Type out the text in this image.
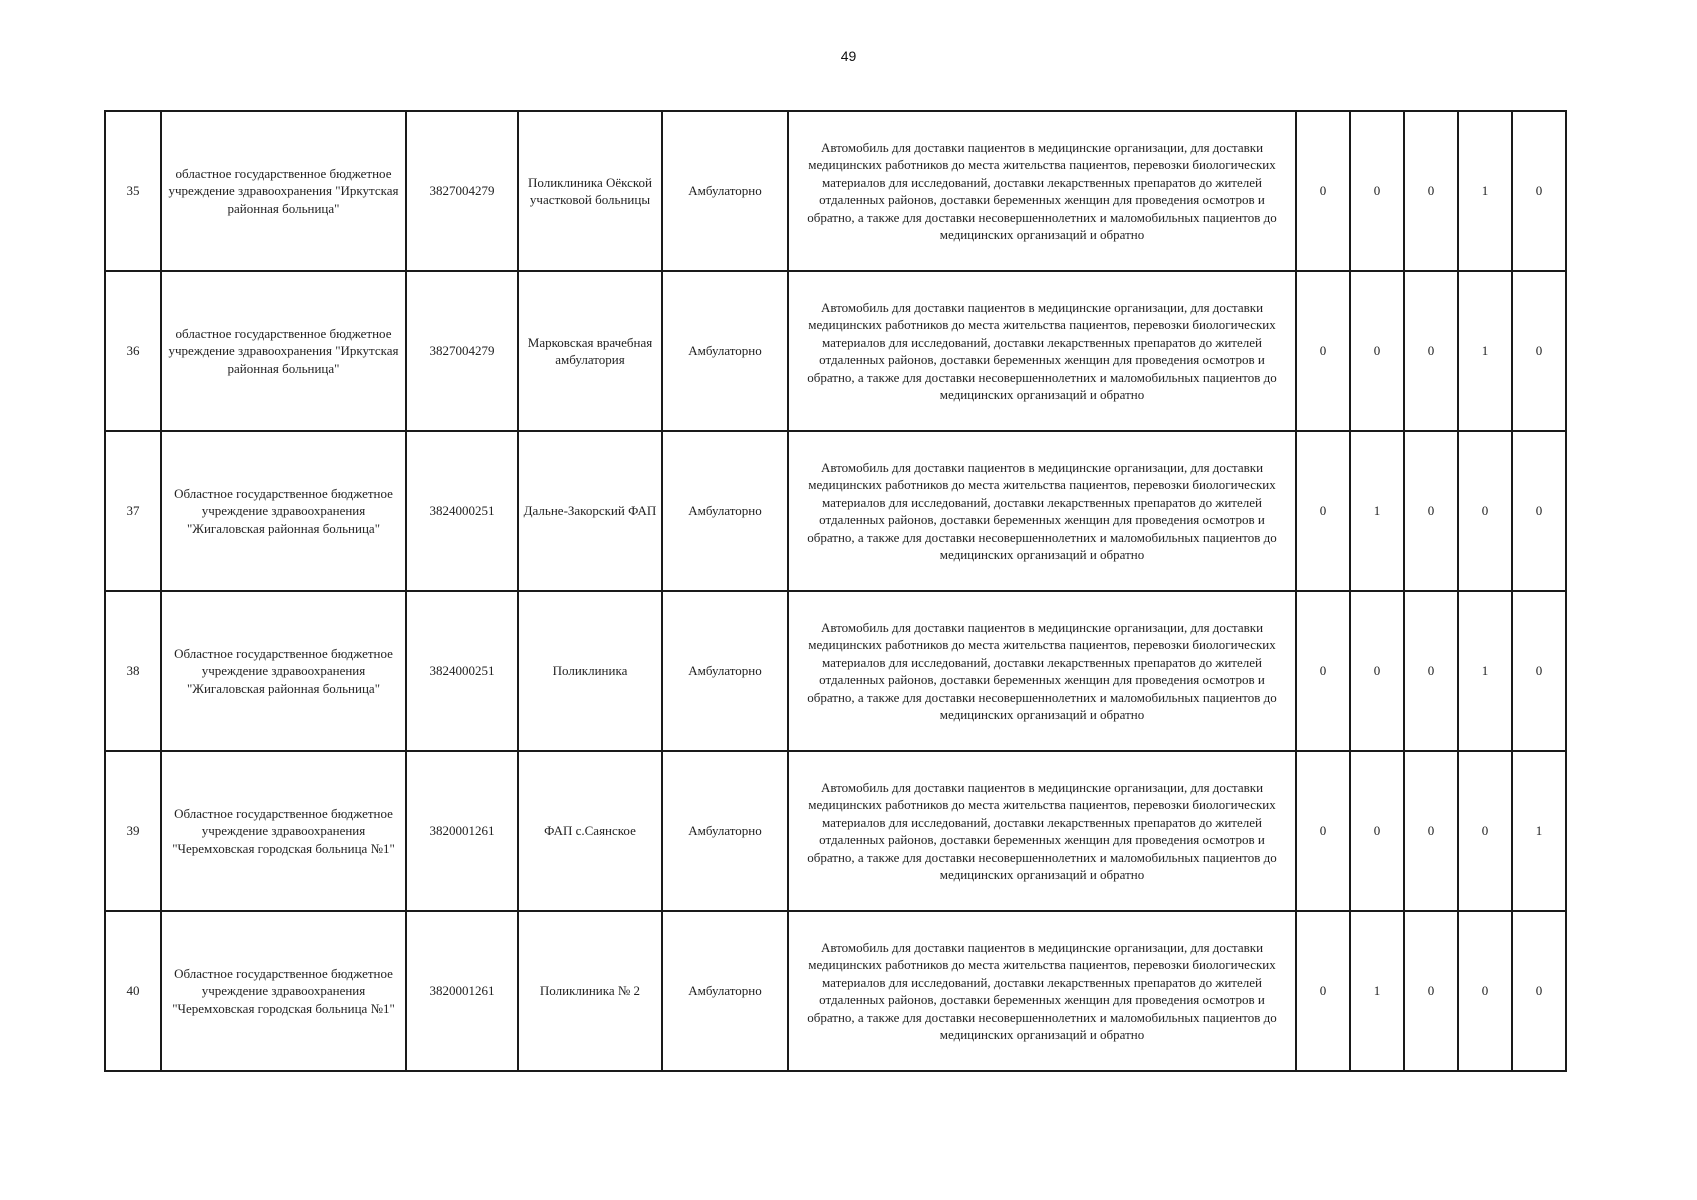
49
35	областное государственное бюджетное учреждение здравоохранения "Иркутская районная больница"	3827004279	Поликлиника Оёкской участковой больницы	Амбулаторно	Автомобиль для доставки пациентов в медицинские организации, для доставки медицинских работников до места жительства пациентов, перевозки биологических материалов для исследований, доставки лекарственных препаратов до жителей отдаленных районов, доставки беременных женщин для проведения осмотров и обратно, а также для доставки несовершеннолетних и маломобильных пациентов до медицинских организаций и обратно	0	0	0	1	0
36	областное государственное бюджетное учреждение здравоохранения "Иркутская районная больница"	3827004279	Марковская врачебная амбулатория	Амбулаторно	Автомобиль для доставки пациентов в медицинские организации, для доставки медицинских работников до места жительства пациентов, перевозки биологических материалов для исследований, доставки лекарственных препаратов до жителей отдаленных районов, доставки беременных женщин для проведения осмотров и обратно, а также для доставки несовершеннолетних и маломобильных пациентов до медицинских организаций и обратно	0	0	0	1	0
37	Областное государственное бюджетное учреждение здравоохранения "Жигаловская районная больница"	3824000251	Дальне-Закорский ФАП	Амбулаторно	Автомобиль для доставки пациентов в медицинские организации, для доставки медицинских работников до места жительства пациентов, перевозки биологических материалов для исследований, доставки лекарственных препаратов до жителей отдаленных районов, доставки беременных женщин для проведения осмотров и обратно, а также для доставки несовершеннолетних и маломобильных пациентов до медицинских организаций и обратно	0	1	0	0	0
38	Областное государственное бюджетное учреждение здравоохранения "Жигаловская районная больница"	3824000251	Поликлиника	Амбулаторно	Автомобиль для доставки пациентов в медицинские организации, для доставки медицинских работников до места жительства пациентов, перевозки биологических материалов для исследований, доставки лекарственных препаратов до жителей отдаленных районов, доставки беременных женщин для проведения осмотров и обратно, а также для доставки несовершеннолетних и маломобильных пациентов до медицинских организаций и обратно	0	0	0	1	0
39	Областное государственное бюджетное учреждение здравоохранения "Черемховская городская больница №1"	3820001261	ФАП с.Саянское	Амбулаторно	Автомобиль для доставки пациентов в медицинские организации, для доставки медицинских работников до места жительства пациентов, перевозки биологических материалов для исследований, доставки лекарственных препаратов до жителей отдаленных районов, доставки беременных женщин для проведения осмотров и обратно, а также для доставки несовершеннолетних и маломобильных пациентов до медицинских организаций и обратно	0	0	0	0	1
40	Областное государственное бюджетное учреждение здравоохранения "Черемховская городская больница №1"	3820001261	Поликлиника № 2	Амбулаторно	Автомобиль для доставки пациентов в медицинские организации, для доставки медицинских работников до места жительства пациентов, перевозки биологических материалов для исследований, доставки лекарственных препаратов до жителей отдаленных районов, доставки беременных женщин для проведения осмотров и обратно, а также для доставки несовершеннолетних и маломобильных пациентов до медицинских организаций и обратно	0	1	0	0	0
